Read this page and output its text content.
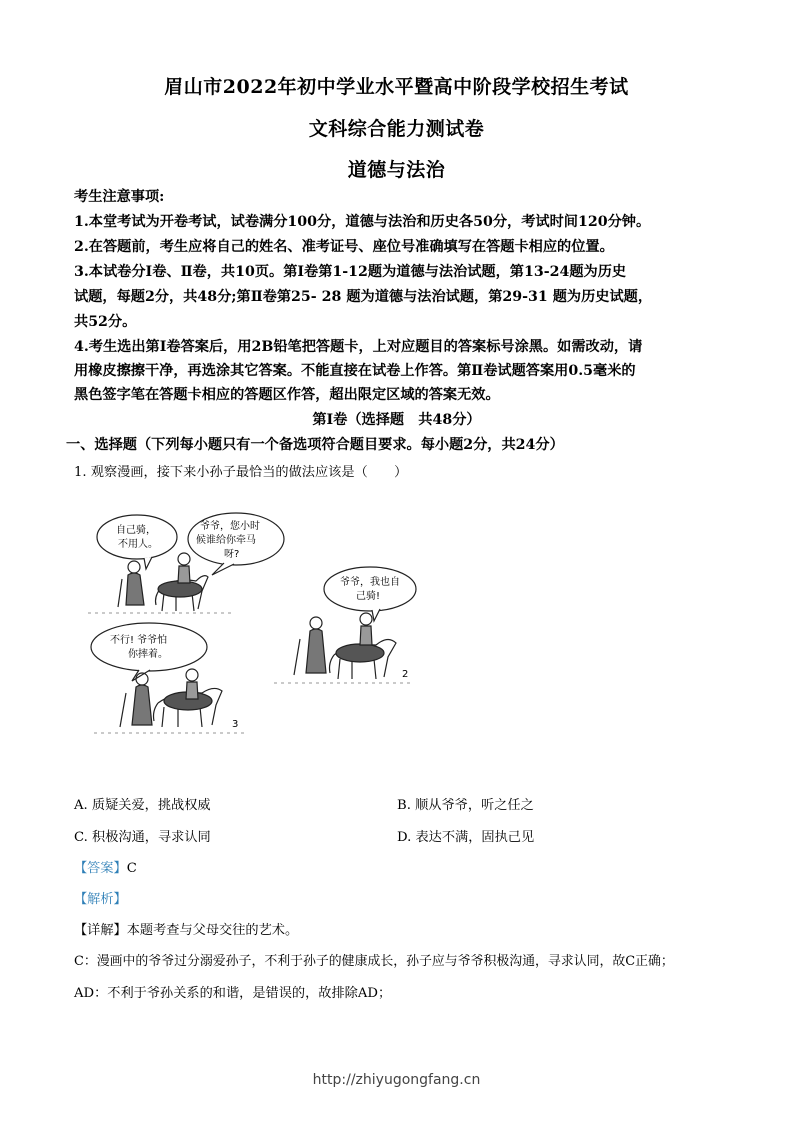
眉山市2022年初中学业水平暨高中阶段学校招生考试
文科综合能力测试卷
道德与法治
考生注意事项:
1.本堂考试为开卷考试，试卷满分100分，道德与法治和历史各50分，考试时间120分钟。
2.在答题前，考生应将自己的姓名、准考证号、座位号准确填写在答题卡相应的位置。
3.本试卷分Ⅰ卷、Ⅱ卷，共10页。第Ⅰ卷第1-12题为道德与法治试题，第13-24题为历史
试题，每题2分，共48分;第Ⅱ卷第25- 28 题为道德与法治试题，第29-31 题为历史试题，
共52分。
4.考生选出第Ⅰ卷答案后，用2B铅笔把答题卡，上对应题目的答案标号涂黑。如需改动，请
用橡皮擦擦干净，再选涂其它答案。不能直接在试卷上作答。第Ⅱ卷试题答案用0.5毫米的
黑色签字笔在答题卡相应的答题区作答，超出限定区域的答案无效。
第Ⅰ卷（选择题　共48分）
一、选择题（下列每小题只有一个备选项符合题目要求。每小题2分，共24分）
1. 观察漫画，接下来小孙子最恰当的做法应该是（　　）
自己骑，
不用人。
爷爷，您小时
候谁给你牵马
呀?
爷爷，我也自
己骑!
不行! 爷爷怕
你摔着。
2
3
A. 质疑关爱，挑战权威	B. 顺从爷爷，听之任之
C. 积极沟通，寻求认同	D. 表达不满，固执己见
【答案】C
【解析】
【详解】本题考查与父母交往的艺术。
C：漫画中的爷爷过分溺爱孙子，不利于孙子的健康成长，孙子应与爷爷积极沟通，寻求认同，故C正确；
AD：不利于爷孙关系的和谐，是错误的，故排除AD；
http://zhiyugongfang.cn
